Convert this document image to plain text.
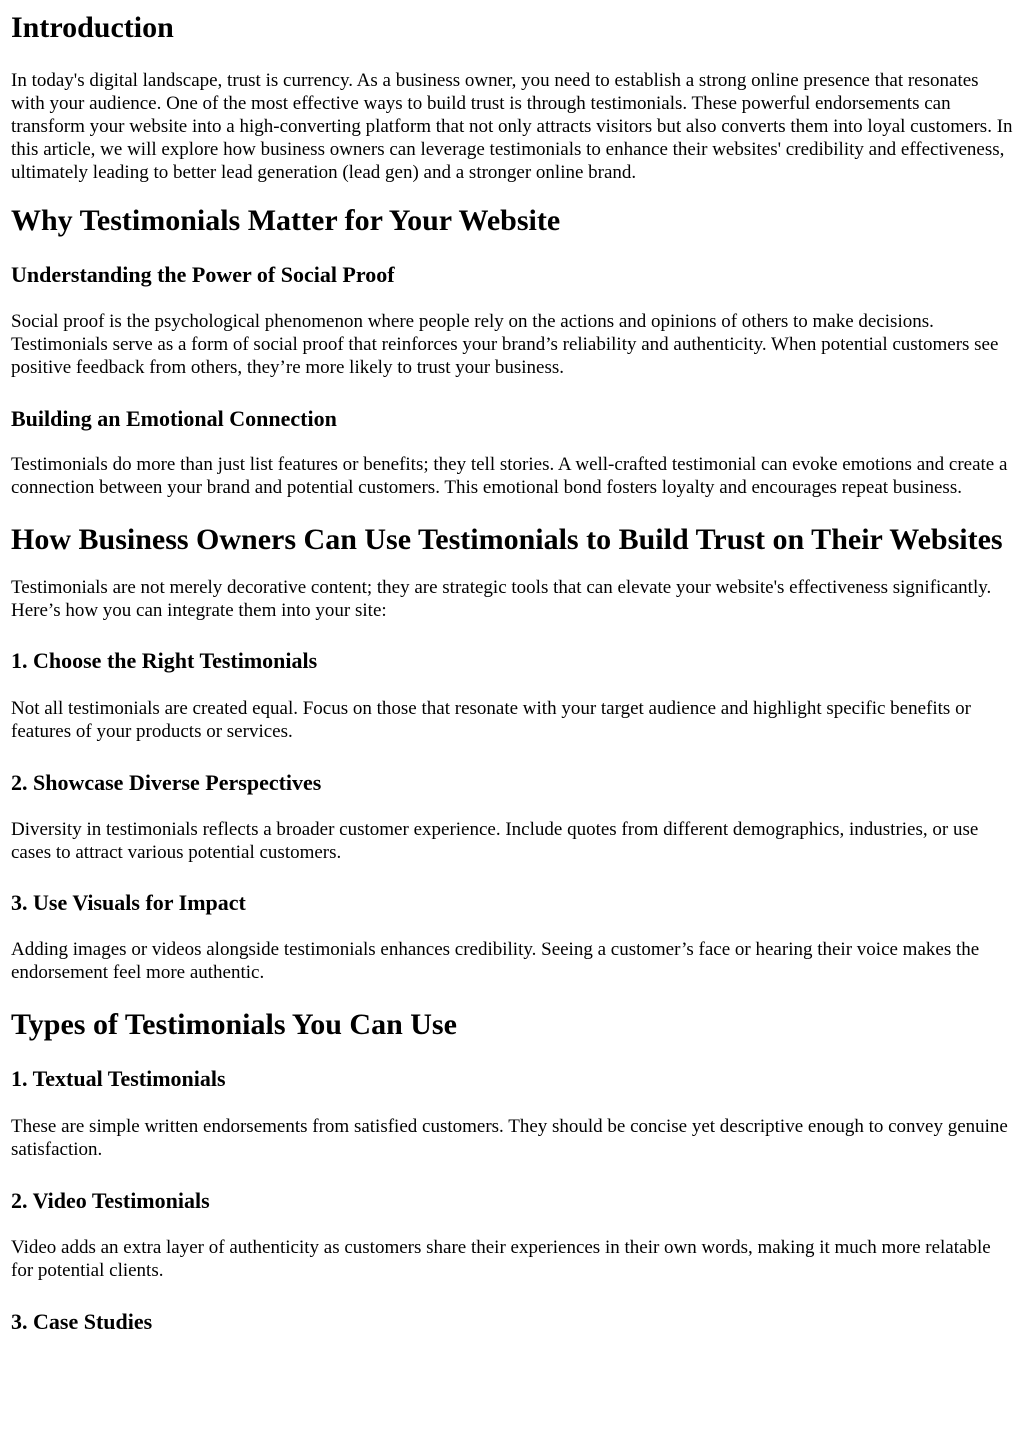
Introduction

In today's digital landscape, trust is currency. As a business owner, you need to establish a strong online presence that resonates with your audience. One of the most effective ways to build trust is through testimonials. These powerful endorsements can transform your website into a high-converting platform that not only attracts visitors but also converts them into loyal customers. In this article, we will explore how business owners can leverage testimonials to enhance their websites' credibility and effectiveness, ultimately leading to better lead generation (lead gen) and a stronger online brand.

Why Testimonials Matter for Your Website
Understanding the Power of Social Proof

Social proof is the psychological phenomenon where people rely on the actions and opinions of others to make decisions. Testimonials serve as a form of social proof that reinforces your brand’s reliability and authenticity. When potential customers see positive feedback from others, they’re more likely to trust your business.

Building an Emotional Connection

Testimonials do more than just list features or benefits; they tell stories. A well-crafted testimonial can evoke emotions and create a connection between your brand and potential customers. This emotional bond fosters loyalty and encourages repeat business.

How Business Owners Can Use Testimonials to Build Trust on Their Websites

Testimonials are not merely decorative content; they are strategic tools that can elevate your website's effectiveness significantly. Here’s how you can integrate them into your site:

1. Choose the Right Testimonials

Not all testimonials are created equal. Focus on those that resonate with your target audience and highlight specific benefits or features of your products or services.

2. Showcase Diverse Perspectives

Diversity in testimonials reflects a broader customer experience. Include quotes from different demographics, industries, or use cases to attract various potential customers.

3. Use Visuals for Impact

Adding images or videos alongside testimonials enhances credibility. Seeing a customer’s face or hearing their voice makes the endorsement feel more authentic.

Types of Testimonials You Can Use
1. Textual Testimonials

These are simple written endorsements from satisfied customers. They should be concise yet descriptive enough to convey genuine satisfaction.

2. Video Testimonials

Video adds an extra layer of authenticity as customers share their experiences in their own words, making it much more relatable for potential clients.

3. Case Studies
